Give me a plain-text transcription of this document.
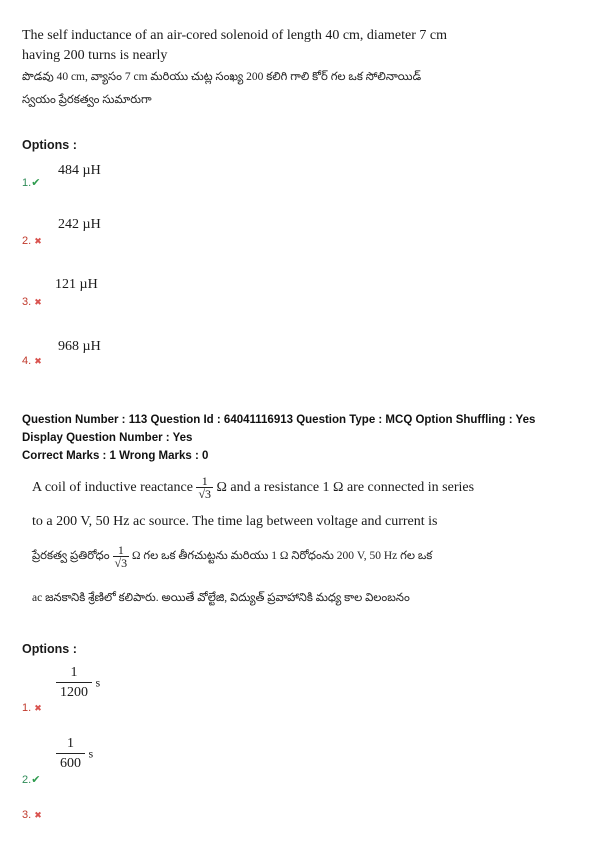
The self inductance of an air-cored solenoid of length 40 cm, diameter 7 cm
having 200 turns is nearly
పొడవు 40 cm, వ్యాసం 7 cm మరియు చుట్ల సంఖ్య 200 కలిగి గాలి కోర్ గల ఒక సోలినాయిడ్
స్వయం ప్రేరకత్వం సుమారుగా
Options :
1.✔
484 µH
2. ✖
242 µH
3. ✖
121 µH
4. ✖
968 µH
Question Number : 113 Question Id : 64041116913 Question Type : MCQ Option Shuffling : Yes
Display Question Number : Yes
Correct Marks : 1 Wrong Marks : 0
A coil of inductive reactance $\frac{1}{√3}$ Ω and a resistance 1 Ω are connected in series
to a 200 V, 50 Hz ac source. The time lag between voltage and current is
ప్రేరకత్వ ప్రతిరోధం $\frac{1}{√3}$ Ω గల ఒక తీగచుట్టను మరియు 1 Ω నిరోధంను 200 V, 50 Hz గల ఒక
ac జనకానికి శ్రేణిలో కలిపారు. అయితే వోల్టేజి, విద్యుత్ ప్రవాహానికి మధ్య కాల విలంబనం
Options :
1. ✖
$\frac{1}{1200}$ s
2.✔
$\frac{1}{600}$ s
3. ✖
